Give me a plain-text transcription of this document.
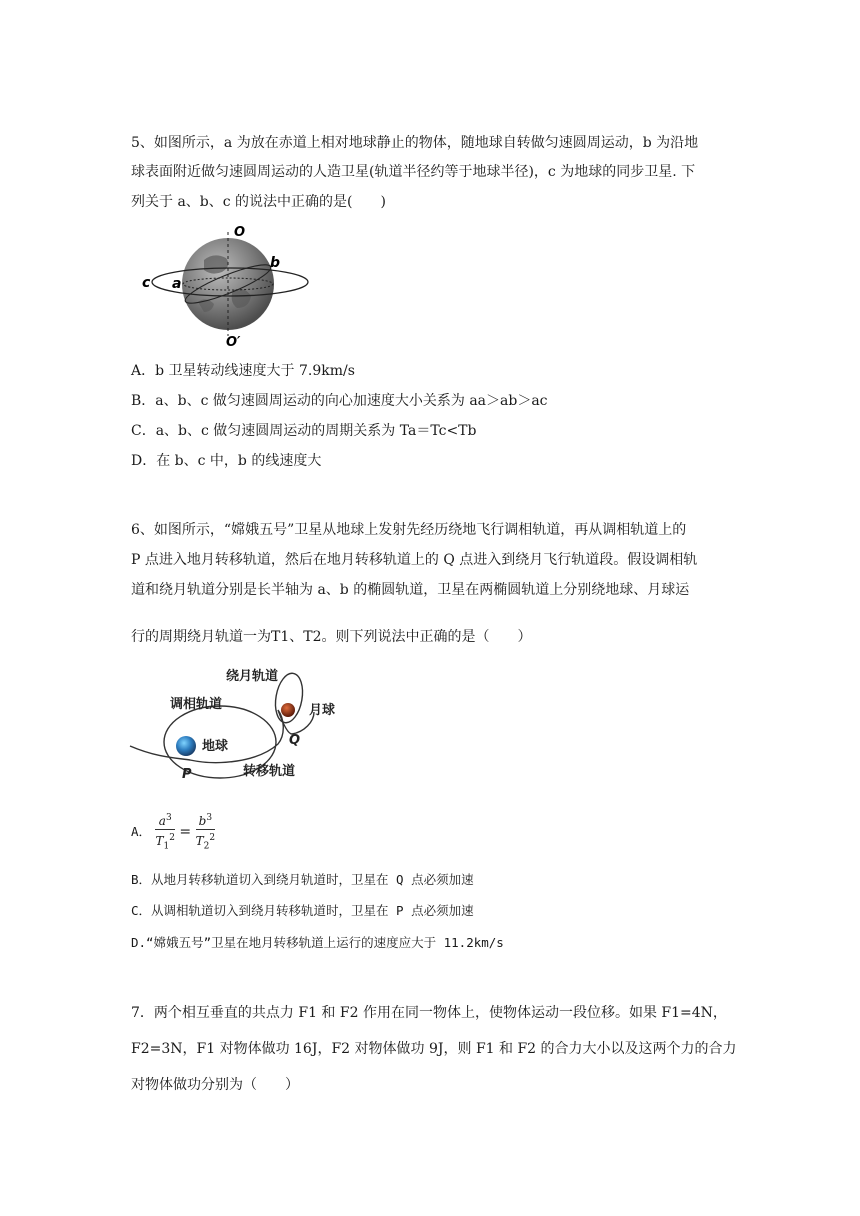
5、如图所示，a 为放在赤道上相对地球静止的物体，随地球自转做匀速圆周运动，b 为沿地
球表面附近做匀速圆周运动的人造卫星(轨道半径约等于地球半径)，c 为地球的同步卫星. 下
列关于 a、b、c 的说法中正确的是(　　)
O
O′
c a
b
A．b 卫星转动线速度大于 7.9km/s
B．a、b、c 做匀速圆周运动的向心加速度大小关系为 aa＞ab＞ac
C．a、b、c 做匀速圆周运动的周期关系为 Ta＝Tc<Tb
D．在 b、c 中，b 的线速度大
6、如图所示，“嫦娥五号”卫星从地球上发射先经历绕地飞行调相轨道，再从调相轨道上的
P 点进入地月转移轨道，然后在地月转移轨道上的 Q 点进入到绕月飞行轨道段。假设调相轨
道和绕月轨道分别是长半轴为 a、b 的椭圆轨道，卫星在两椭圆轨道上分别绕地球、月球运
行的周期绕月轨道一为T1、T2。则下列说法中正确的是（　　）
绕月轨道
调相轨道	月球
地球
转移轨道
P
Q
A． $\frac{a^3}{T_1^2} = \frac{b^3}{T_2^2}$
B．从地月转移轨道切入到绕月轨道时，卫星在 Q 点必须加速
C．从调相轨道切入到绕月转移轨道时，卫星在 P 点必须加速
D.“嫦娥五号”卫星在地月转移轨道上运行的速度应大于 11.2km/s
7．两个相互垂直的共点力 F1 和 F2 作用在同一物体上，使物体运动一段位移。如果 F1=4N，
F2=3N，F1 对物体做功 16J，F2 对物体做功 9J，则 F1 和 F2 的合力大小以及这两个力的合力
对物体做功分别为（　　）
